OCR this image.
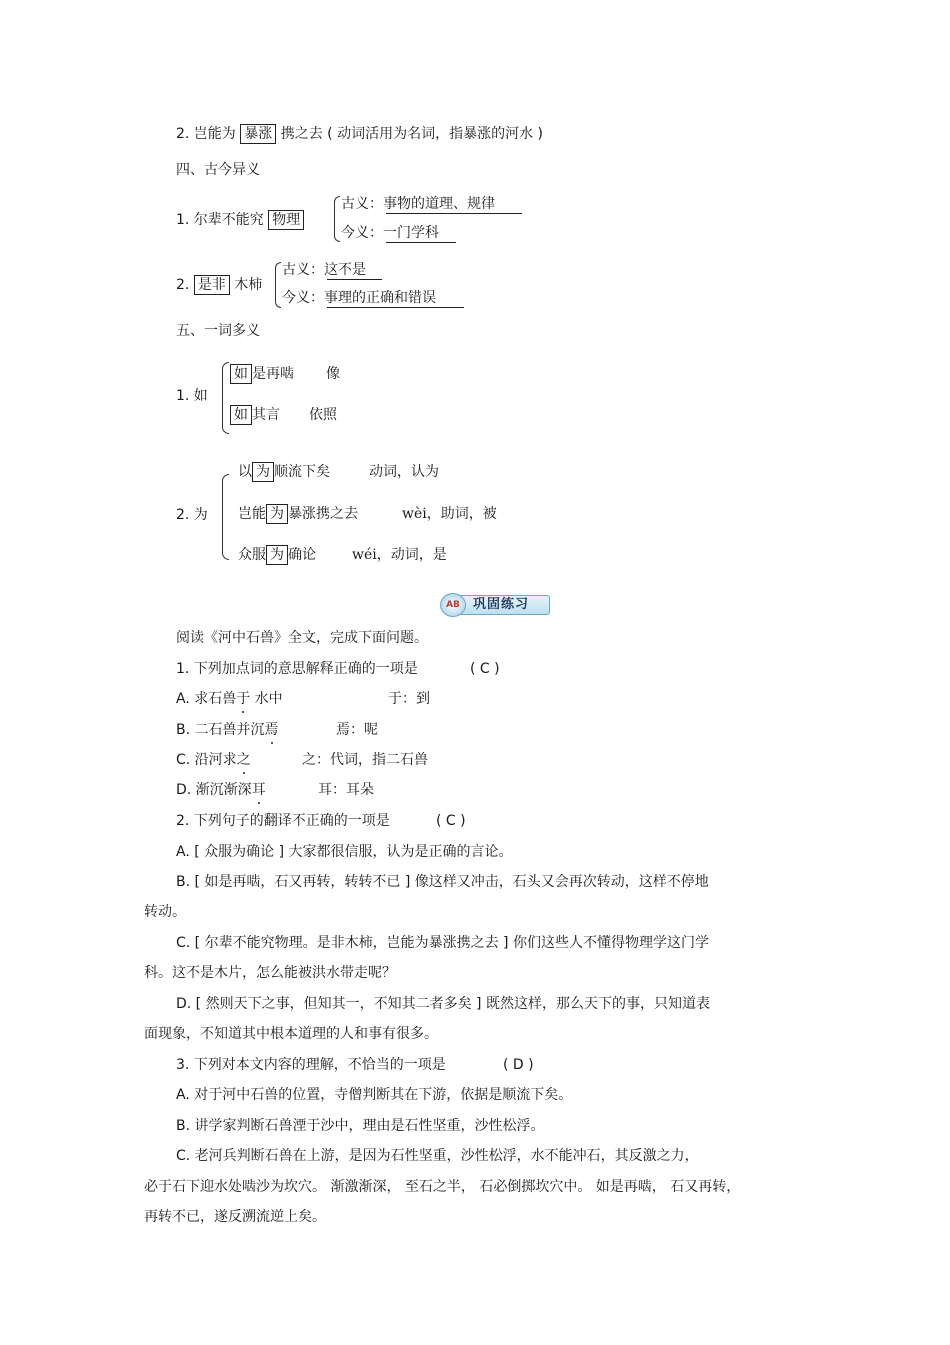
2. 岂能为 暴涨 携之去 ( 动词活用为名词，指暴涨的河水 )
四、古今异义
1. 尔辈不能究 物理
古义：事物的道理、规律
今义：一门学科
2. 是非 木柿
古义：这不是
今义：事理的正确和错误
五、一词多义
1. 如
如 是再啮 像
如 其言 依照
2. 为
以 为 顺流下矣	动词，认为
岂能 为 暴涨携之去	wèi，助词，被
众服 为 确论	wéi，动词，是
巩固练习
AB
阅读《河中石兽》全文，完成下面问题。
1. 下列加点词的意思解释正确的一项是	( C )
A. 求石兽于 水中	于：到
B. 二石兽并沉焉	焉：呢
C. 沿河求之	之：代词，指二石兽
D. 渐沉渐深耳	耳：耳朵
2. 下列句子的翻译不正确的一项是	( C )
A. [ 众服为确论 ] 大家都很信服，认为是正确的言论。
B. [ 如是再啮，石又再转，转转不已 ] 像这样又冲击，石头又会再次转动，这样不停地
转动。
C. [ 尔辈不能究物理。是非木柿，岂能为暴涨携之去 ] 你们这些人不懂得物理学这门学
科。这不是木片，怎么能被洪水带走呢？
D. [ 然则天下之事，但知其一，不知其二者多矣 ] 既然这样，那么天下的事，只知道表
面现象，不知道其中根本道理的人和事有很多。
3. 下列对本文内容的理解，不恰当的一项是	( D )
A. 对于河中石兽的位置，寺僧判断其在下游，依据是顺流下矣。
B. 讲学家判断石兽湮于沙中，理由是石性坚重，沙性松浮。
C. 老河兵判断石兽在上游，是因为石性坚重，沙性松浮，水不能冲石，其反激之力，
必于石下迎水处啮沙为坎穴。 渐激渐深， 至石之半， 石必倒掷坎穴中。 如是再啮， 石又再转，
再转不已，遂反溯流逆上矣。
